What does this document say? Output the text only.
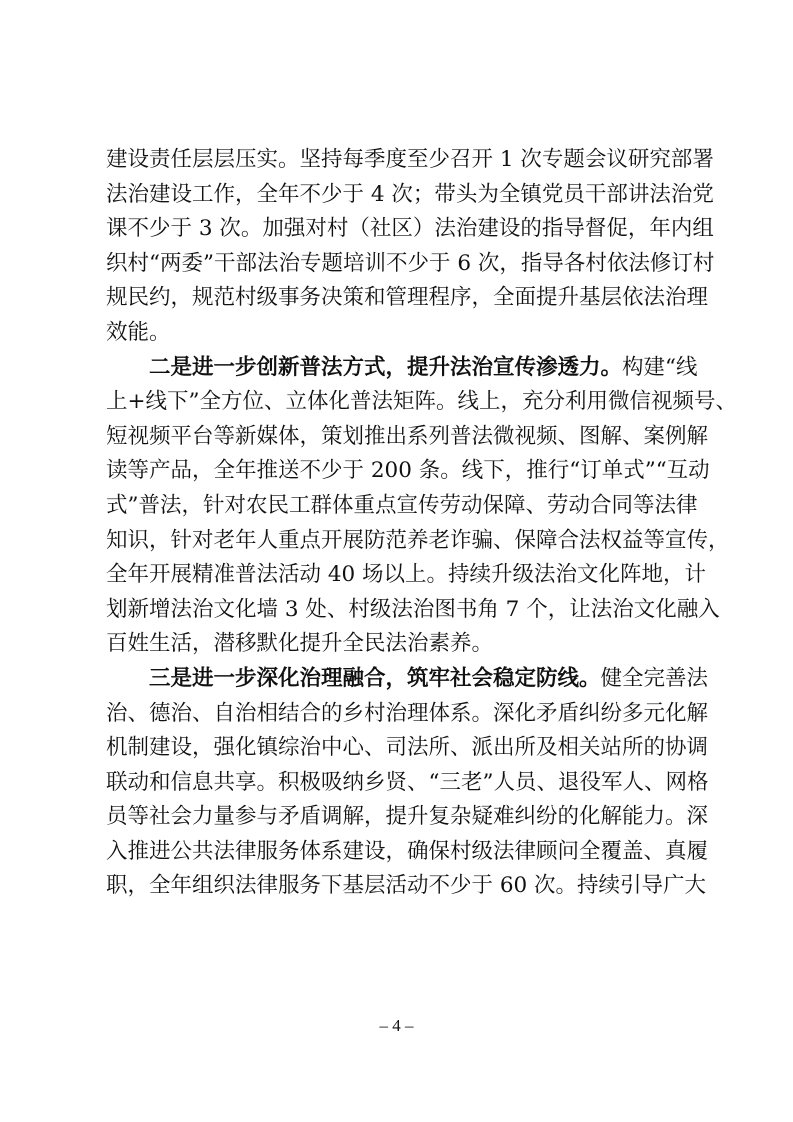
建设责任层层压实。坚持每季度至少召开 1 次专题会议研究部署
法治建设工作，全年不少于 4 次；带头为全镇党员干部讲法治党
课不少于 3 次。加强对村（社区）法治建设的指导督促，年内组
织村“两委”干部法治专题培训不少于 6 次，指导各村依法修订村
规民约，规范村级事务决策和管理程序，全面提升基层依法治理
效能。
二是进一步创新普法方式，提升法治宣传渗透力。构建“线
上+线下”全方位、立体化普法矩阵。线上，充分利用微信视频号、
短视频平台等新媒体，策划推出系列普法微视频、图解、案例解
读等产品，全年推送不少于 200 条。线下，推行“订单式”“互动
式”普法，针对农民工群体重点宣传劳动保障、劳动合同等法律
知识，针对老年人重点开展防范养老诈骗、保障合法权益等宣传，
全年开展精准普法活动 40 场以上。持续升级法治文化阵地，计
划新增法治文化墙 3 处、村级法治图书角 7 个，让法治文化融入
百姓生活，潜移默化提升全民法治素养。
三是进一步深化治理融合，筑牢社会稳定防线。健全完善法
治、德治、自治相结合的乡村治理体系。深化矛盾纠纷多元化解
机制建设，强化镇综治中心、司法所、派出所及相关站所的协调
联动和信息共享。积极吸纳乡贤、“三老”人员、退役军人、网格
员等社会力量参与矛盾调解，提升复杂疑难纠纷的化解能力。深
入推进公共法律服务体系建设，确保村级法律顾问全覆盖、真履
职，全年组织法律服务下基层活动不少于 60 次。持续引导广大
– 4 –
